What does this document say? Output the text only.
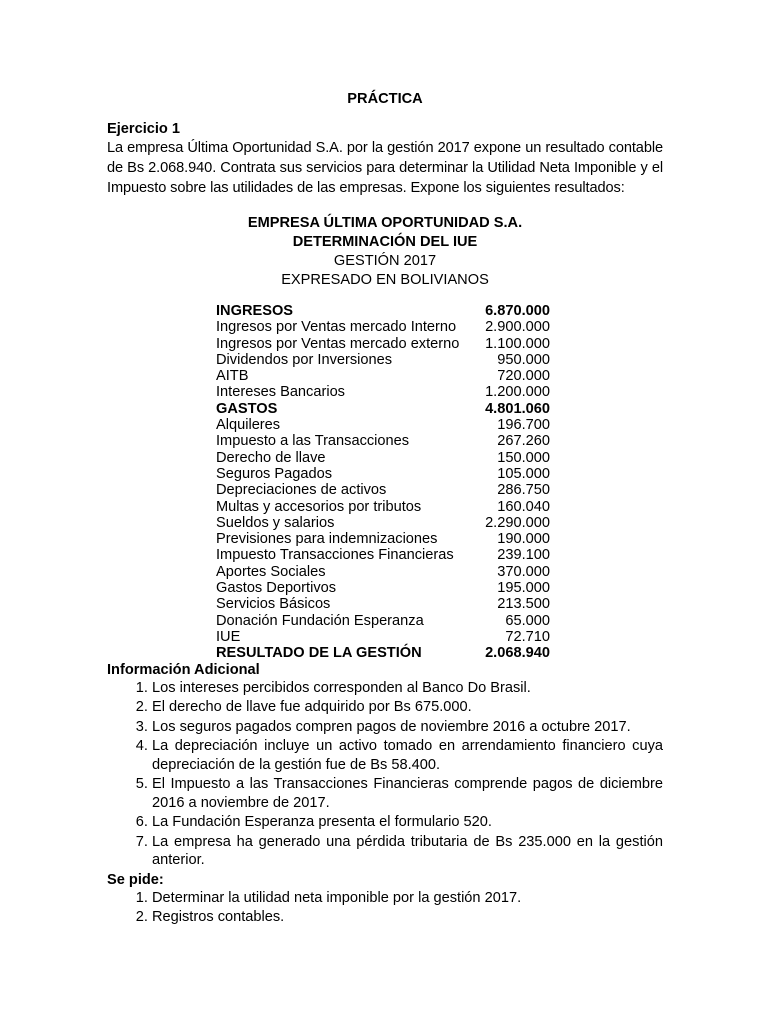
PRÁCTICA
Ejercicio 1

La empresa Última Oportunidad S.A. por la gestión 2017 expone un resultado contable de Bs 2.068.940. Contrata sus servicios para determinar la Utilidad Neta Imponible y el Impuesto sobre las utilidades de las empresas. Expone los siguientes resultados:

EMPRESA ÚLTIMA OPORTUNIDAD S.A.
DETERMINACIÓN DEL IUE
GESTIÓN 2017
EXPRESADO EN BOLIVIANOS
INGRESOS	6.870.000
Ingresos por Ventas mercado Interno	2.900.000
Ingresos por Ventas mercado externo	1.100.000
Dividendos por Inversiones	950.000
AITB	720.000
Intereses Bancarios	1.200.000
GASTOS	4.801.060
Alquileres	196.700
Impuesto a las Transacciones	267.260
Derecho de llave	150.000
Seguros Pagados	105.000
Depreciaciones de activos	286.750
Multas y accesorios por tributos	160.040
Sueldos y salarios	2.290.000
Previsiones para indemnizaciones	190.000
Impuesto Transacciones Financieras	239.100
Aportes Sociales	370.000
Gastos Deportivos	195.000
Servicios Básicos	213.500
Donación Fundación Esperanza	65.000
IUE	72.710
RESULTADO DE LA GESTIÓN	2.068.940
Información Adicional
1. Los intereses percibidos corresponden al Banco Do Brasil.
2. El derecho de llave fue adquirido por Bs 675.000.
3. Los seguros pagados compren pagos de noviembre 2016 a octubre 2017.
4. La depreciación incluye un activo tomado en arrendamiento financiero cuya depreciación de la gestión fue de Bs 58.400.
5. El Impuesto a las Transacciones Financieras comprende pagos de diciembre 2016 a noviembre de 2017.
6. La Fundación Esperanza presenta el formulario 520.
7. La empresa ha generado una pérdida tributaria de Bs 235.000 en la gestión anterior.
Se pide:
1. Determinar la utilidad neta imponible por la gestión 2017.
2. Registros contables.
